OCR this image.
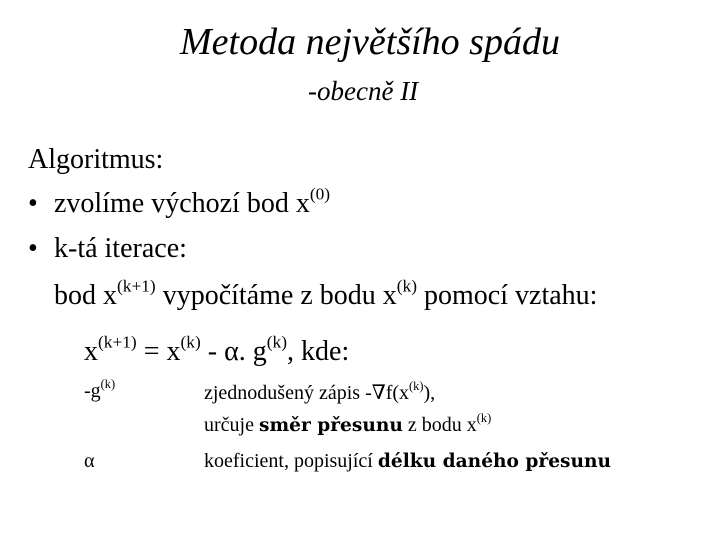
Metoda největšího spádu
-obecně II
Algoritmus:
• zvolíme výchozí bod $x^{(0)}$
• k-tá iterace:
bod $x^{(k+1)}$ vypočítáme z bodu $x^{(k)}$ pomocí vztahu:
$x^{(k+1)} = x^{(k)} - \alpha$. $g^{(k)}$, kde:
$-g^{(k)}$	zjednodušený zápis $-\nabla f(x^{(k)})$,
určuje směr přesunu z bodu $x^{(k)}$
α	koeficient, popisující délku daného přesunu
